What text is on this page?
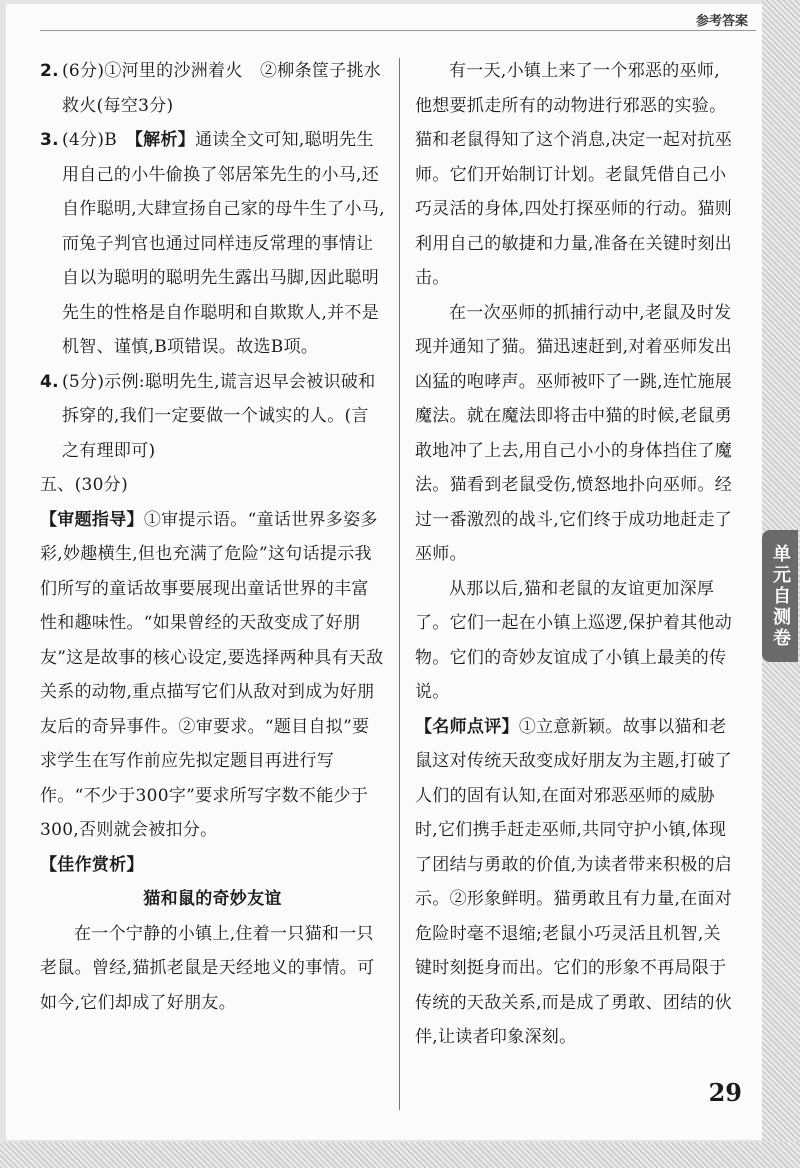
参考答案
2. (6分)①河里的沙洲着火　②柳条筐子挑水救火(每空3分)
3. (4分)B　【解析】通读全文可知,聪明先生用自己的小牛偷换了邻居笨先生的小马,还自作聪明,大肆宣扬自己家的母牛生了小马,而兔子判官也通过同样违反常理的事情让自以为聪明的聪明先生露出马脚,因此聪明先生的性格是自作聪明和自欺欺人,并不是机智、谨慎,B项错误。故选B项。
4. (5分)示例:聪明先生,谎言迟早会被识破和拆穿的,我们一定要做一个诚实的人。(言之有理即可)

五、(30分)

【审题指导】①审提示语。“童话世界多姿多彩,妙趣横生,但也充满了危险”这句话提示我们所写的童话故事要展现出童话世界的丰富性和趣味性。“如果曾经的天敌变成了好朋友”这是故事的核心设定,要选择两种具有天敌关系的动物,重点描写它们从敌对到成为好朋友后的奇异事件。②审要求。“题目自拟”要求学生在写作前应先拟定题目再进行写作。“不少于300字”要求所写字数不能少于300,否则就会被扣分。

【佳作赏析】

猫和鼠的奇妙友谊

在一个宁静的小镇上,住着一只猫和一只老鼠。曾经,猫抓老鼠是天经地义的事情。可如今,它们却成了好朋友。

有一天,小镇上来了一个邪恶的巫师,他想要抓走所有的动物进行邪恶的实验。猫和老鼠得知了这个消息,决定一起对抗巫师。它们开始制订计划。老鼠凭借自己小巧灵活的身体,四处打探巫师的行动。猫则利用自己的敏捷和力量,准备在关键时刻出击。

在一次巫师的抓捕行动中,老鼠及时发现并通知了猫。猫迅速赶到,对着巫师发出凶猛的咆哮声。巫师被吓了一跳,连忙施展魔法。就在魔法即将击中猫的时候,老鼠勇敢地冲了上去,用自己小小的身体挡住了魔法。猫看到老鼠受伤,愤怒地扑向巫师。经过一番激烈的战斗,它们终于成功地赶走了巫师。

从那以后,猫和老鼠的友谊更加深厚了。它们一起在小镇上巡逻,保护着其他动物。它们的奇妙友谊成了小镇上最美的传说。

【名师点评】①立意新颖。故事以猫和老鼠这对传统天敌变成好朋友为主题,打破了人们的固有认知,在面对邪恶巫师的威胁时,它们携手赶走巫师,共同守护小镇,体现了团结与勇敢的价值,为读者带来积极的启示。②形象鲜明。猫勇敢且有力量,在面对危险时毫不退缩;老鼠小巧灵活且机智,关键时刻挺身而出。它们的形象不再局限于传统的天敌关系,而是成了勇敢、团结的伙伴,让读者印象深刻。

单元自测卷
29
